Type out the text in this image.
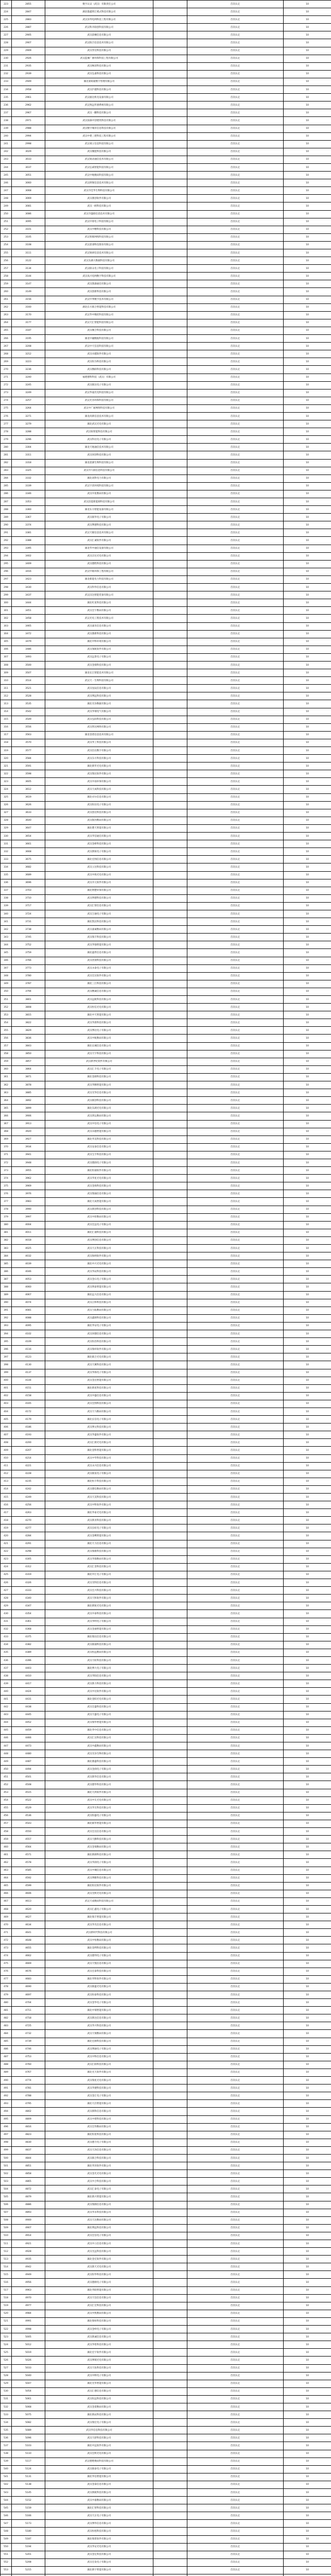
223	2855	数字认证（武汉）有限责任公司		首次认定	10
224	2847	湖北都鑫智汇模式科技有限公司		首次认定	10
225	2883	武汉泽邦电网科技工程有限公司		首次认定	10
226	2887	武汉科开联创科技有限公司		首次认定	10
227	2905	武汉前檀信息有限公司		首次认定	10
228	2907	武汉阳合信息技术有限公司		首次认定	10
229	2909	武汉羿达科技有限公司		首次认定	10
230	2926	武汉蓝翼广源环保科技工程有限公司		首次认定	10
231	2935	武汉畅清科技有限公司		首次认定	10
232	2939	武汉弘嘉科技有限公司		首次认定	10
233	2949	湖北豪锐通数字管理有限公司		首次认定	10
234	2958	武汉沪越科技有限公司		首次认定	10
235	2961	武汉骏达机电设备有限公司		首次认定	10
236	2962	武汉致远传感系统有限公司		首次认定	10
237	2967	武汉一鹏科技有限公司		首次认定	10
238	2971	武汉国森中创建筑科技有限公司		首次认定	10
239	2988	武汉数字城市信息科技有限公司		首次认定	10
240	2994	武汉中建三建科技工程有限公司		首次认定	10
241	2998	武汉视立信息科技有限公司		首次认定	10
242	3029	武汉聚能科技有限公司		首次认定	10
243	3033	武汉锐动通信技术有限公司		首次认定	10
244	3037	武汉弘威智能科技有限公司		首次认定	10
245	3051	武汉中地数码科技有限公司		首次认定	10
246	3060	武汉朗领信息技术有限公司		首次认定	10
247	3068	武汉市佳华生物科技有限公司		首次认定	10
248	3069	武汉鼎创软件有限公司		首次认定	10
249	3081	武汉一鸥科技有限公司		首次认定	10
250	3086	武汉市盛联信息技术有限公司		首次认定	10
251	3095	武汉中原电子科技有限公司		首次认定	10
252	3101	武汉中精科技有限公司		首次认定	10
253	3105	武汉智联网络科技有限公司		首次认定	10
254	3108	武汉思睿科技股份有限公司		首次认定	10
255	3111	武汉锐研信息技术有限公司		首次认定	10
256	3122	武汉东湖大数据科技有限公司		首次认定	10
257	3134	武汉联众电子科技有限公司		首次认定	10
258	3144	武汉高兴电网数字科技有限公司		首次认定	10
259	3147	武汉派森通信有限公司		首次认定	10
260	3149	武汉创新科技有限公司		首次认定	10
261	3156	武汉中邦数字技术有限公司		首次认定	10
262	3160	湖北东方联合智能科技有限公司		首次认定	10
263	3170	武汉华中数控科技有限公司		首次认定	10
264	3177	武汉天汇智能科技有限公司		首次认定	10
265	3187	武汉聚合科技有限公司		首次认定	10
266	3195	湖北中融数据科技有限公司		首次认定	10
267	3208	武汉中天信息科技有限公司		首次认定	10
268	3212	武汉卓越软件有限公司		首次认定	10
269	3223	武汉恒为科技有限公司		首次认定	10
270	3236	武汉数联科技有限公司		首次认定	10
271	3240	福建德科科技（武汉）有限公司		首次认定	10
272	3245	武汉联达电子有限公司		首次认定	10
273	3249	武汉华晟光电科技有限公司		首次认定	10
274	3257	武汉光谷环保科技有限公司		首次认定	10
275	3264	武汉中广通网络科技有限公司		首次认定	10
276	3271	湖北高新信息技术有限公司		首次认定	10
277	3279	湖北武汉光电有限公司		首次认定	10
278	3288	武汉锐智能科技有限公司		首次认定	10
279	3296	武汉科达电子有限公司		首次认定	10
280	3304	湖北天地通信技术有限公司		首次认定	10
281	3311	武汉同创科技有限公司		首次认定	10
282	3318	湖北思源生物科技有限公司		首次认定	10
283	3325	武汉市久联信息科技有限公司		首次认定	10
284	3332	湖北高科电力有限公司		首次认定	10
285	3339	武汉宇清环境科技有限公司		首次认定	10
286	3346	武汉中星数码有限公司		首次认定	10
287	3353	武汉洁能新能源科技有限公司		首次认定	10
288	3360	湖北东方智能设备有限公司		首次认定	10
289	3367	武汉联华电子有限公司		首次认定	10
290	3374	武汉利德科技有限公司		首次认定	10
291	3381	武汉天眼信息技术有限公司		首次认定	10
292	3388	武汉汇诚软件有限公司		首次认定	10
293	3395	湖北华中通信设备有限公司		首次认定	10
294	3402	武汉京达光电有限公司		首次认定	10
295	3409	武汉德胜科技有限公司		首次认定	10
296	3416	武汉中联环保工程有限公司		首次认定	10
297	3423	湖北新能电力科技有限公司		首次认定	10
298	3430	武汉科华信息有限公司		首次认定	10
299	3437	武汉汉达智能装备有限公司		首次认定	10
300	3444	湖北红星科技有限公司		首次认定	10
301	3451	武汉宏宇数码有限公司		首次认定	10
302	3458	武汉光电工程技术有限公司		首次认定	10
303	3465	武汉嘉禾信息有限公司		首次认定	10
304	3472	武汉鼎新科技有限公司		首次认定	10
305	3479	湖北中科环境有限公司		首次认定	10
306	3486	武汉领航软件有限公司		首次认定	10
307	3493	武汉远景电子有限公司		首次认定	10
308	3500	武汉金鼎科技有限公司		首次认定	10
309	3507	湖北长江智能技术有限公司		首次认定	10
310	3514	武汉天一生物科技有限公司		首次认定	10
311	3521	武汉星辰信息有限公司		首次认定	10
312	3528	武汉博远科技有限公司		首次认定	10
313	3535	湖北光谷数据有限公司		首次认定	10
314	3542	武汉华瑞电气有限公司		首次认定	10
315	3549	武汉弘阳科技有限公司		首次认定	10
316	3556	武汉智达网络有限公司		首次认定	10
317	3563	湖北金盾信息技术有限公司		首次认定	10
318	3570	武汉华工科技有限公司		首次认定	10
319	3577	武汉信达数字有限公司		首次认定	10
320	3584	武汉东方科技有限公司		首次认定	10
321	3591	湖北新华光电有限公司		首次认定	10
322	3598	武汉瑞达软件有限公司		首次认定	10
323	3605	武汉中南环保有限公司		首次认定	10
324	3612	武汉天成科技有限公司		首次认定	10
325	3619	湖北卓尔信息有限公司		首次认定	10
326	3626	武汉恒达电子有限公司		首次认定	10
327	3633	武汉创达科技有限公司		首次认定	10
328	3640	武汉银河数码有限公司		首次认定	10
329	3647	湖北楚天智能有限公司		首次认定	10
330	3654	武汉华信通信有限公司		首次认定	10
331	3661	武汉金桥科技有限公司		首次认定	10
332	3668	武汉新锐电子有限公司		首次认定	10
333	3675	湖北宏图信息有限公司		首次认定	10
334	3682	武汉立达科技有限公司		首次认定	10
335	3689	武汉中海光电有限公司		首次认定	10
336	3696	武汉开元软件有限公司		首次认定	10
337	3703	湖北荆楚环保有限公司		首次认定	10
338	3710	武汉明德科技有限公司		首次认定	10
339	3717	武汉汇智信息有限公司		首次认定	10
340	3724	武汉万通电子有限公司		首次认定	10
341	3731	湖北凯达科技有限公司		首次认定	10
342	3738	武汉嘉诚数码有限公司		首次认定	10
343	3745	武汉瑞丰科技有限公司		首次认定	10
344	3752	武汉华强智能有限公司		首次认定	10
345	3759	湖北盛世信息有限公司		首次认定	10
346	3766	武汉优视科技有限公司		首次认定	10
347	3773	武汉永泰电子有限公司		首次认定	10
348	3780	武汉宏达软件有限公司		首次认定	10
349	3787	湖北三江科技有限公司		首次认定	10
350	3794	武汉精诚信息有限公司		首次认定	10
351	3801	武汉远航科技有限公司		首次认定	10
352	3808	武汉恒信光电有限公司		首次认定	10
353	3815	湖北中天智能有限公司		首次认定	10
354	3822	武汉华晨科技有限公司		首次认定	10
355	3829	武汉博达电子有限公司		首次认定	10
356	3836	武汉中航数码有限公司		首次认定	10
357	3843	湖北长城信息有限公司		首次认定	10
358	3850	武汉天宇科技有限公司		首次认定	10
359	3857	武汉新世纪软件有限公司		首次认定	10
360	3864	武汉汇丰电子有限公司		首次认定	10
361	3871	湖北金源科技有限公司		首次认定	10
362	3878	武汉华腾智能有限公司		首次认定	10
363	3885	武汉光华信息有限公司		首次认定	10
364	3892	武汉联创科技有限公司		首次认定	10
365	3899	湖北东湖光电有限公司		首次认定	10
366	3906	武汉鸿运数码有限公司		首次认定	10
367	3913	武汉中信电子有限公司		首次认定	10
368	3920	武汉卓越智能有限公司		首次认定	10
369	3927	湖北华美科技有限公司		首次认定	10
370	3934	武汉安泰信息有限公司		首次认定	10
371	3941	武汉宝丰科技有限公司		首次认定	10
372	3948	武汉德润电子有限公司		首次认定	10
373	3955	湖北恒通软件有限公司		首次认定	10
374	3962	武汉华星光电有限公司		首次认定	10
375	3969	武汉金海科技有限公司		首次认定	10
376	3976	武汉瑞通信息有限公司		首次认定	10
377	3983	湖北天成智能有限公司		首次认定	10
378	3990	武汉新创科技有限公司		首次认定	10
379	3997	武汉中原数码有限公司		首次认定	10
380	4004	武汉宏远电子有限公司		首次认定	10
381	4011	湖北汇通科技有限公司		首次认定	10
382	4018	武汉博创信息有限公司		首次认定	10
383	4025	武汉天正科技有限公司		首次认定	10
384	4032	武汉海纳软件有限公司		首次认定	10
385	4039	湖北中兴光电有限公司		首次认定	10
386	4046	武汉华辰科技有限公司		首次认定	10
387	4053	武汉金石电子有限公司		首次认定	10
388	4060	武汉明泰智能有限公司		首次认定	10
389	4067	湖北远大信息有限公司		首次认定	10
390	4074	武汉正和科技有限公司		首次认定	10
391	4081	武汉力拓数码有限公司		首次认定	10
392	4088	武汉鑫源科技有限公司		首次认定	10
393	4095	湖北华安电子有限公司		首次认定	10
394	4102	武汉同德信息有限公司		首次认定	10
395	4109	武汉恒昌科技有限公司		首次认定	10
396	4116	武汉瑞祥软件有限公司		首次认定	10
397	4123	湖北联合光电有限公司		首次认定	10
398	4130	武汉天翼科技有限公司		首次认定	10
399	4137	武汉华海电子有限公司		首次认定	10
400	4144	武汉金达智能有限公司		首次认定	10
401	4151	湖北新星科技有限公司		首次认定	10
402	4158	武汉中盛信息有限公司		首次认定	10
403	4165	武汉宏图科技有限公司		首次认定	10
404	4172	武汉天马数码有限公司		首次认定	10
405	4179	湖北长信电子有限公司		首次认定	10
406	4186	武汉博文科技有限公司		首次认定	10
407	4193	武汉华盛软件有限公司		首次认定	10
408	4200	武汉汇源光电有限公司		首次认定	10
409	4207	湖北金科智能有限公司		首次认定	10
410	4214	武汉中华科技有限公司		首次认定	10
411	4221	武汉永兴信息有限公司		首次认定	10
412	4228	武汉联发电子有限公司		首次认定	10
413	4235	湖北恒丰科技有限公司		首次认定	10
414	4242	武汉德信数码有限公司		首次认定	10
415	4249	武汉天美科技有限公司		首次认定	10
416	4256	武汉中科软件有限公司		首次认定	10
417	4263	湖北华泰光电有限公司		首次认定	10
418	4270	武汉新亚科技有限公司		首次认定	10
419	4277	武汉长虹电子有限公司		首次认定	10
420	4284	武汉金鹰智能有限公司		首次认定	10
421	4291	湖北天力信息有限公司		首次认定	10
422	4298	武汉瑞康科技有限公司		首次认定	10
423	4305	武汉华鼎数码有限公司		首次认定	10
424	4312	武汉汇金科技有限公司		首次认定	10
425	4319	湖北中汇电子有限公司		首次认定	10
426	4326	武汉光明信息有限公司		首次认定	10
427	4333	武汉宏兴科技有限公司		首次认定	10
428	4340	武汉天和软件有限公司		首次认定	10
429	4347	湖北新锐光电有限公司		首次认定	10
430	4354	武汉中泰科技有限公司		首次认定	10
431	4361	武汉华明电子有限公司		首次认定	10
432	4368	武汉金通智能有限公司		首次认定	10
433	4375	湖北瑞达信息有限公司		首次认定	10
434	4382	武汉联通科技有限公司		首次认定	10
435	4389	武汉恒远数码有限公司		首次认定	10
436	4396	武汉天虹科技有限公司		首次认定	10
437	4403	湖北博大电子有限公司		首次认定	10
438	4410	武汉华阳信息有限公司		首次认定	10
439	4417	武汉新力科技有限公司		首次认定	10
440	4424	武汉中达软件有限公司		首次认定	10
441	4431	湖北金阳光电有限公司		首次认定	10
442	4438	武汉宏盛科技有限公司		首次认定	10
443	4445	武汉天盛电子有限公司		首次认定	10
444	4452	武汉瑞华智能有限公司		首次认定	10
445	4459	湖北华中信息有限公司		首次认定	10
446	4466	武汉汇达科技有限公司		首次认定	10
447	4473	武汉中鑫数码有限公司		首次认定	10
448	4480	武汉光谷生物有限公司		首次认定	10
449	4487	湖北鼎盛科技有限公司		首次认定	10
450	4494	武汉金润电子有限公司		首次认定	10
451	4501	武汉新华信息有限公司		首次认定	10
452	4508	武汉德华科技有限公司		首次认定	10
453	4515	湖北天鸿软件有限公司		首次认定	10
454	4522	武汉中友光电有限公司		首次认定	10
455	4529	武汉华友科技有限公司		首次认定	10
456	4536	武汉恒盛电子有限公司		首次认定	10
457	4543	湖北联华智能有限公司		首次认定	10
458	4550	武汉宏达信息有限公司		首次认定	10
459	4557	武汉天勤科技有限公司		首次认定	10
460	4564	武汉金瑞数码有限公司		首次认定	10
461	4571	湖北新源科技有限公司		首次认定	10
462	4578	武汉华润电子有限公司		首次认定	10
463	4585	武汉中城信息有限公司		首次认定	10
464	4592	武汉博雅科技有限公司		首次认定	10
465	4599	湖北恒达软件有限公司		首次认定	10
466	4606	武汉光辉光电有限公司		首次认定	10
467	4613	武汉天成数码科技有限公司		首次认定	10
468	4620	武汉汇鑫电子有限公司		首次认定	10
469	4627	湖北瑞丰智能有限公司		首次认定	10
470	4634	武汉华光信息有限公司		首次认定	10
471	4641	武汉新时代科技有限公司		首次认定	10
472	4648	武汉中恒数码有限公司		首次认定	10
473	4655	湖北金利科技有限公司		首次认定	10
474	4662	武汉德邦电子有限公司		首次认定	10
475	4669	武汉天悦信息有限公司		首次认定	10
476	4676	武汉宏泰科技有限公司		首次认定	10
477	4683	湖北华科软件有限公司		首次认定	10
478	4690	武汉联盛光电有限公司		首次认定	10
479	4697	武汉恒泰科技有限公司		首次认定	10
480	4704	武汉金华电子有限公司		首次认定	10
481	4711	湖北中瑞智能有限公司		首次认定	10
482	4718	武汉新达信息有限公司		首次认定	10
483	4725	武汉华兴科技有限公司		首次认定	10
484	4732	武汉天瑞数码有限公司		首次认定	10
485	4739	湖北宏源科技有限公司		首次认定	10
486	4746	武汉博通电子有限公司		首次认定	10
487	4753	武汉中科信息有限公司		首次认定	10
488	4760	武汉汇联科技有限公司		首次认定	10
489	4767	湖北光大软件有限公司		首次认定	10
490	4774	武汉瑞星光电有限公司		首次认定	10
491	4781	武汉华捷科技有限公司		首次认定	10
492	4788	武汉金汇电子有限公司		首次认定	10
493	4795	湖北天启智能有限公司		首次认定	10
494	4802	武汉新科信息有限公司		首次认定	10
495	4809	武汉中建科技有限公司		首次认定	10
496	4816	武汉宏伟数码有限公司		首次认定	10
497	4823	湖北恒星科技有限公司		首次认定	10
498	4830	武汉德力电子有限公司		首次认定	10
499	4837	武汉天泽信息有限公司		首次认定	10
500	4844	武汉联合科技有限公司		首次认定	10
501	4851	湖北华泽软件有限公司		首次认定	10
502	4858	武汉金光光电有限公司		首次认定	10
503	4865	武汉中合科技有限公司		首次认定	10
504	4872	武汉汇泰电子有限公司		首次认定	10
505	4879	湖北新兴智能有限公司		首次认定	10
506	4886	武汉瑞源信息有限公司		首次认定	10
507	4893	武汉华永科技有限公司		首次认定	10
508	4900	武汉天达数码有限公司		首次认定	10
509	4907	湖北博远科技有限公司		首次认定	10
510	4914	武汉宏信电子有限公司		首次认定	10
511	4921	武汉中立信息有限公司		首次认定	10
512	4928	武汉光远科技有限公司		首次认定	10
513	4935	湖北金宏软件有限公司		首次认定	10
514	4942	武汉新天光电有限公司		首次认定	10
515	4949	武汉恒华科技有限公司		首次认定	10
516	4956	武汉德源电子有限公司		首次认定	10
517	4963	湖北华联智能有限公司		首次认定	10
518	4970	武汉天信信息有限公司		首次认定	10
519	4977	武汉汇宏科技有限公司		首次认定	10
520	4984	武汉中凯数码有限公司		首次认定	10
521	4991	湖北瑞恒科技有限公司		首次认定	10
522	4998	武汉金岭电子有限公司		首次认定	10
523	5005	武汉新诚信息有限公司		首次认定	10
524	5012	武汉华伦科技有限公司		首次认定	10
525	5019	湖北宏宇软件有限公司		首次认定	10
526	5026	武汉博瑞光电有限公司		首次认定	10
527	5033	武汉天佑科技有限公司		首次认定	10
528	5040	武汉中辉电子有限公司		首次认定	10
529	5047	湖北光华智能有限公司		首次认定	10
530	5054	武汉汇德信息有限公司		首次认定	10
531	5061	武汉恒远科技有限公司		首次认定	10
532	5068	武汉金诺数码有限公司		首次认定	10
533	5075	湖北新辰科技有限公司		首次认定	10
534	5082	武汉瑞宏电子有限公司		首次认定	10
535	5089	武汉华信息科技有限公司		首次认定	10
536	5096	武汉天骄科技有限公司		首次认定	10
537	5103	湖北中远软件有限公司		首次认定	10
538	5110	武汉宏辉光电有限公司		首次认定	10
539	5117	武汉德胜数码科技有限公司		首次认定	10
540	5124	武汉联泰电子有限公司		首次认定	10
541	5131	湖北华信智能有限公司		首次认定	10
542	5138	武汉金泰信息有限公司		首次认定	10
543	5145	武汉新航科技有限公司		首次认定	10
544	5152	武汉中嘉数码有限公司		首次认定	10
545	5159	湖北汇智科技有限公司		首次认定	10
546	5166	武汉天正电子有限公司		首次认定	10
547	5173	武汉博华信息有限公司		首次认定	10
548	5180	武汉恒旭科技有限公司		首次认定	10
549	5187	湖北瑞景软件有限公司		首次认定	10
550	5194	武汉华安光电有限公司		首次认定	10
551	5201	武汉金亿科技有限公司		首次认定	10
552	5208	武汉宏发电子有限公司		首次认定	10
553	5215	湖北新宇智能有限公司		首次认定	10
